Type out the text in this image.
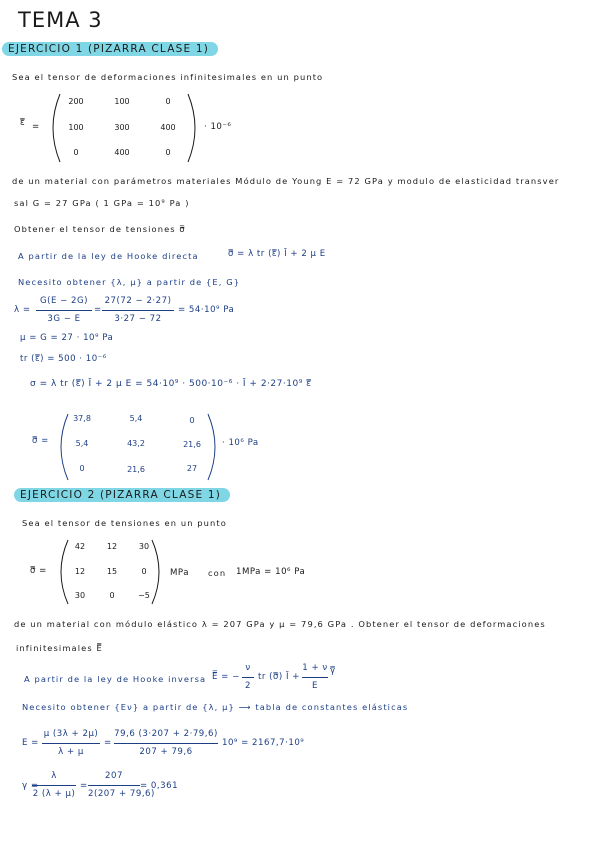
TEMA 3
EJERCICIO 1 (PIZARRA CLASE 1)
Sea el tensor de deformaciones infinitesimales en un punto
ε̿ =
200	100	0
100	300	400
0	400	0
· 10⁻⁶
de un material con parámetros materiales Módulo de Young E = 72 GPa y modulo de elasticidad transver
sal G = 27 GPa ( 1 GPa = 10⁹ Pa )
Obtener el tensor de tensiones σ̿
A partir de la ley de Hooke directa	σ̿ = λ tr (ε̿) Ī + 2 μ E
Necesito obtener {λ, μ} a partir de {E, G}
λ =
G(E − 2G)
3G − E
=
27(72 − 2·27)
3·27 − 72
= 54·10⁹ Pa
μ = G = 27 · 10⁹ Pa
tr (ε̿) = 500 · 10⁻⁶
σ = λ tr (ε̿) Ī + 2 μ E = 54·10⁹ · 500·10⁻⁶ · Ī + 2·27·10⁹ ε̿
σ̿ =
37,8	5,4	0
5,4	43,2	21,6
0	21,6	27
· 10⁶ Pa
EJERCICIO 2 (PIZARRA CLASE 1)
Sea el tensor de tensiones en un punto
σ̿ =
42	12	30
12	15	0
30	0	−5
MPa con 1MPa = 10⁶ Pa
de un material con módulo elástico λ = 207 GPa y μ = 79,6 GPa . Obtener el tensor de deformaciones
infinitesimales E̿
A partir de la ley de Hooke inversa E̿ = −
ν
2
tr (σ̿) Ī +
1 + ν
E
γ̿
Necesito obtener {Eν} a partir de {λ, μ} ⟶ tabla de constantes elásticas
E =
μ (3λ + 2μ)
λ + μ
=
79,6 (3·207 + 2·79,6)
207 + 79,6
10⁹ = 2167,7·10⁹
γ =
λ
2 (λ + μ)
=
207
2(207 + 79,6)
= 0,361
